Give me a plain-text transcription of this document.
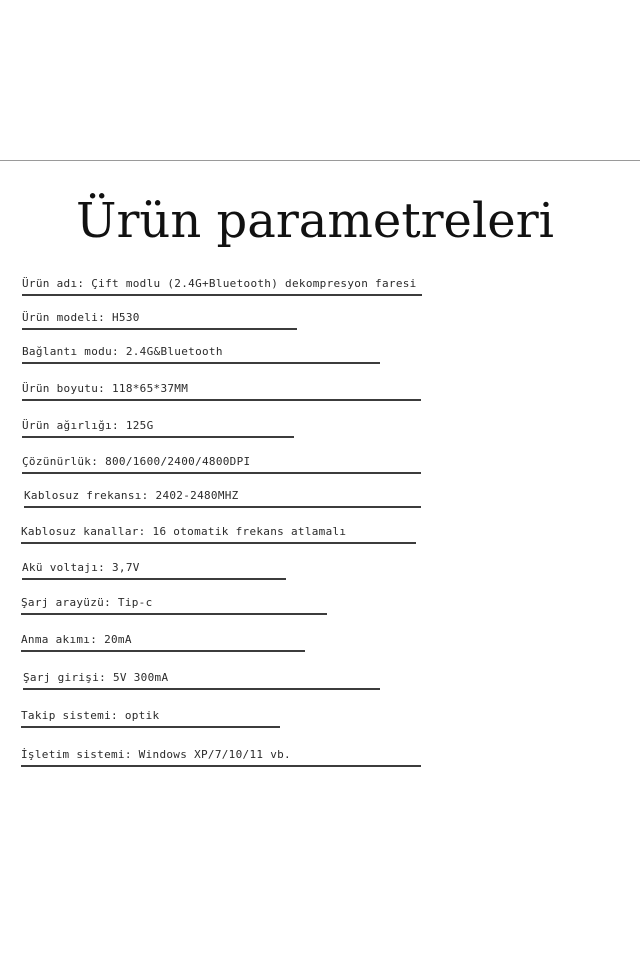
Ürün parametreleri
Ürün adı: Çift modlu (2.4G+Bluetooth) dekompresyon faresi
Ürün modeli: H530
Bağlantı modu: 2.4G&Bluetooth
Ürün boyutu: 118*65*37MM
Ürün ağırlığı: 125G
Çözünürlük: 800/1600/2400/4800DPI
Kablosuz frekansı: 2402-2480MHZ
Kablosuz kanallar: 16 otomatik frekans atlamalı
Akü voltajı: 3,7V
Şarj arayüzü: Tip-c
Anma akımı: 20mA
Şarj girişi: 5V 300mA
Takip sistemi: optik
İşletim sistemi: Windows XP/7/10/11 vb.
